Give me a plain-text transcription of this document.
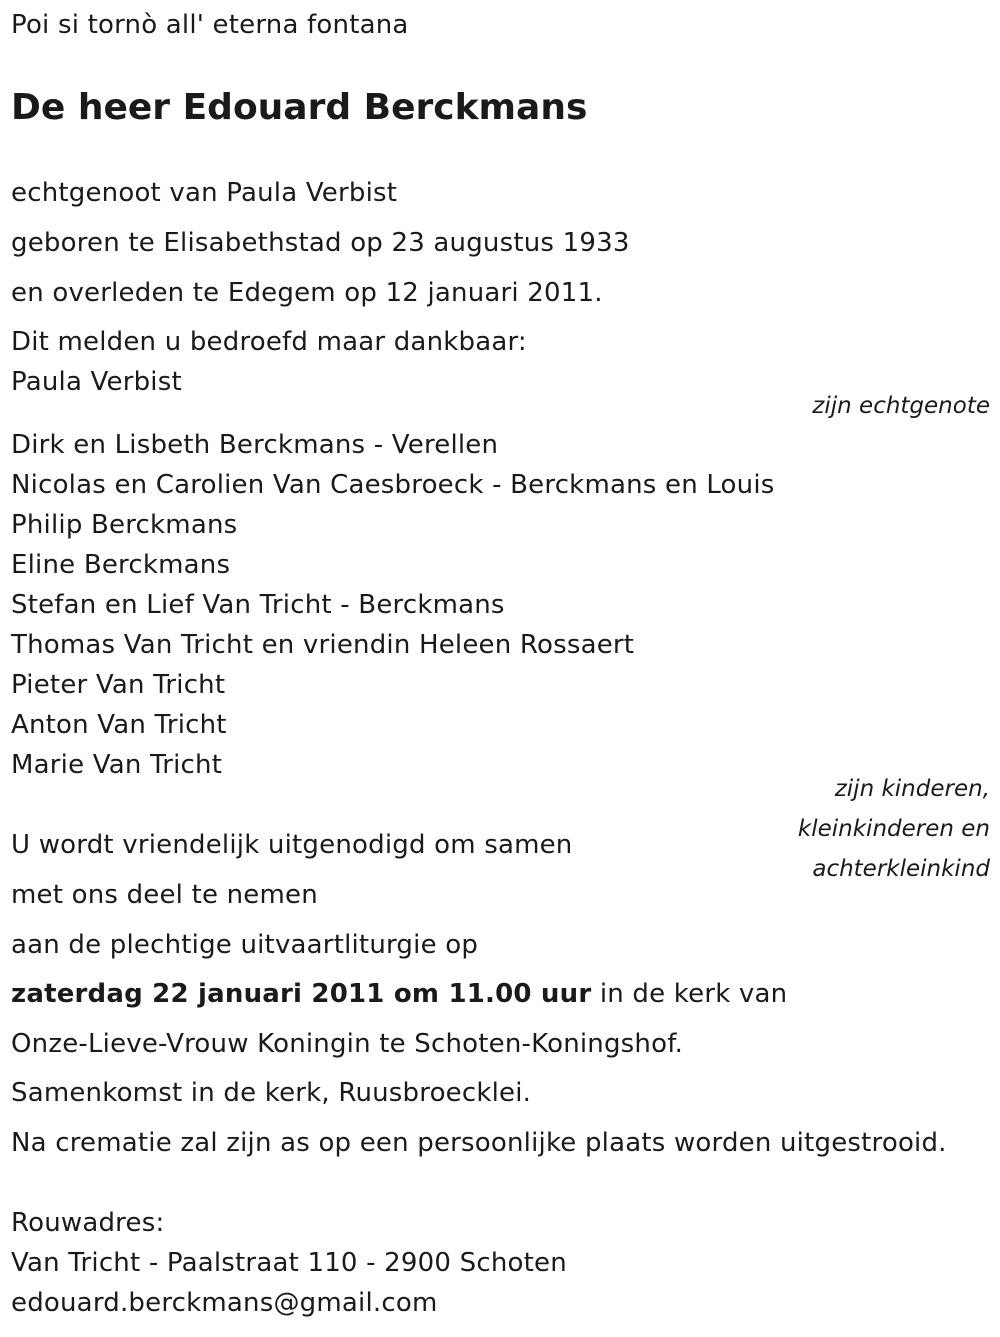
Poi si tornò all' eterna fontana
De heer Edouard Berckmans
echtgenoot van Paula Verbist
geboren te Elisabethstad op 23 augustus 1933
en overleden te Edegem op 12 januari 2011.
Dit melden u bedroefd maar dankbaar:
Paula Verbist
zijn echtgenote
Dirk en Lisbeth Berckmans - Verellen
Nicolas en Carolien Van Caesbroeck - Berckmans en Louis
Philip Berckmans
Eline Berckmans
Stefan en Lief Van Tricht - Berckmans
Thomas Van Tricht en vriendin Heleen Rossaert
Pieter Van Tricht
Anton Van Tricht
Marie Van Tricht
zijn kinderen,
kleinkinderen en
achterkleinkind
U wordt vriendelijk uitgenodigd om samen
met ons deel te nemen
aan de plechtige uitvaartliturgie op
zaterdag 22 januari 2011 om 11.00 uur in de kerk van
Onze-Lieve-Vrouw Koningin te Schoten-Koningshof.
Samenkomst in de kerk, Ruusbroecklei.
Na crematie zal zijn as op een persoonlijke plaats worden uitgestrooid.
Rouwadres:
Van Tricht - Paalstraat 110 - 2900 Schoten
edouard.berckmans@gmail.com
